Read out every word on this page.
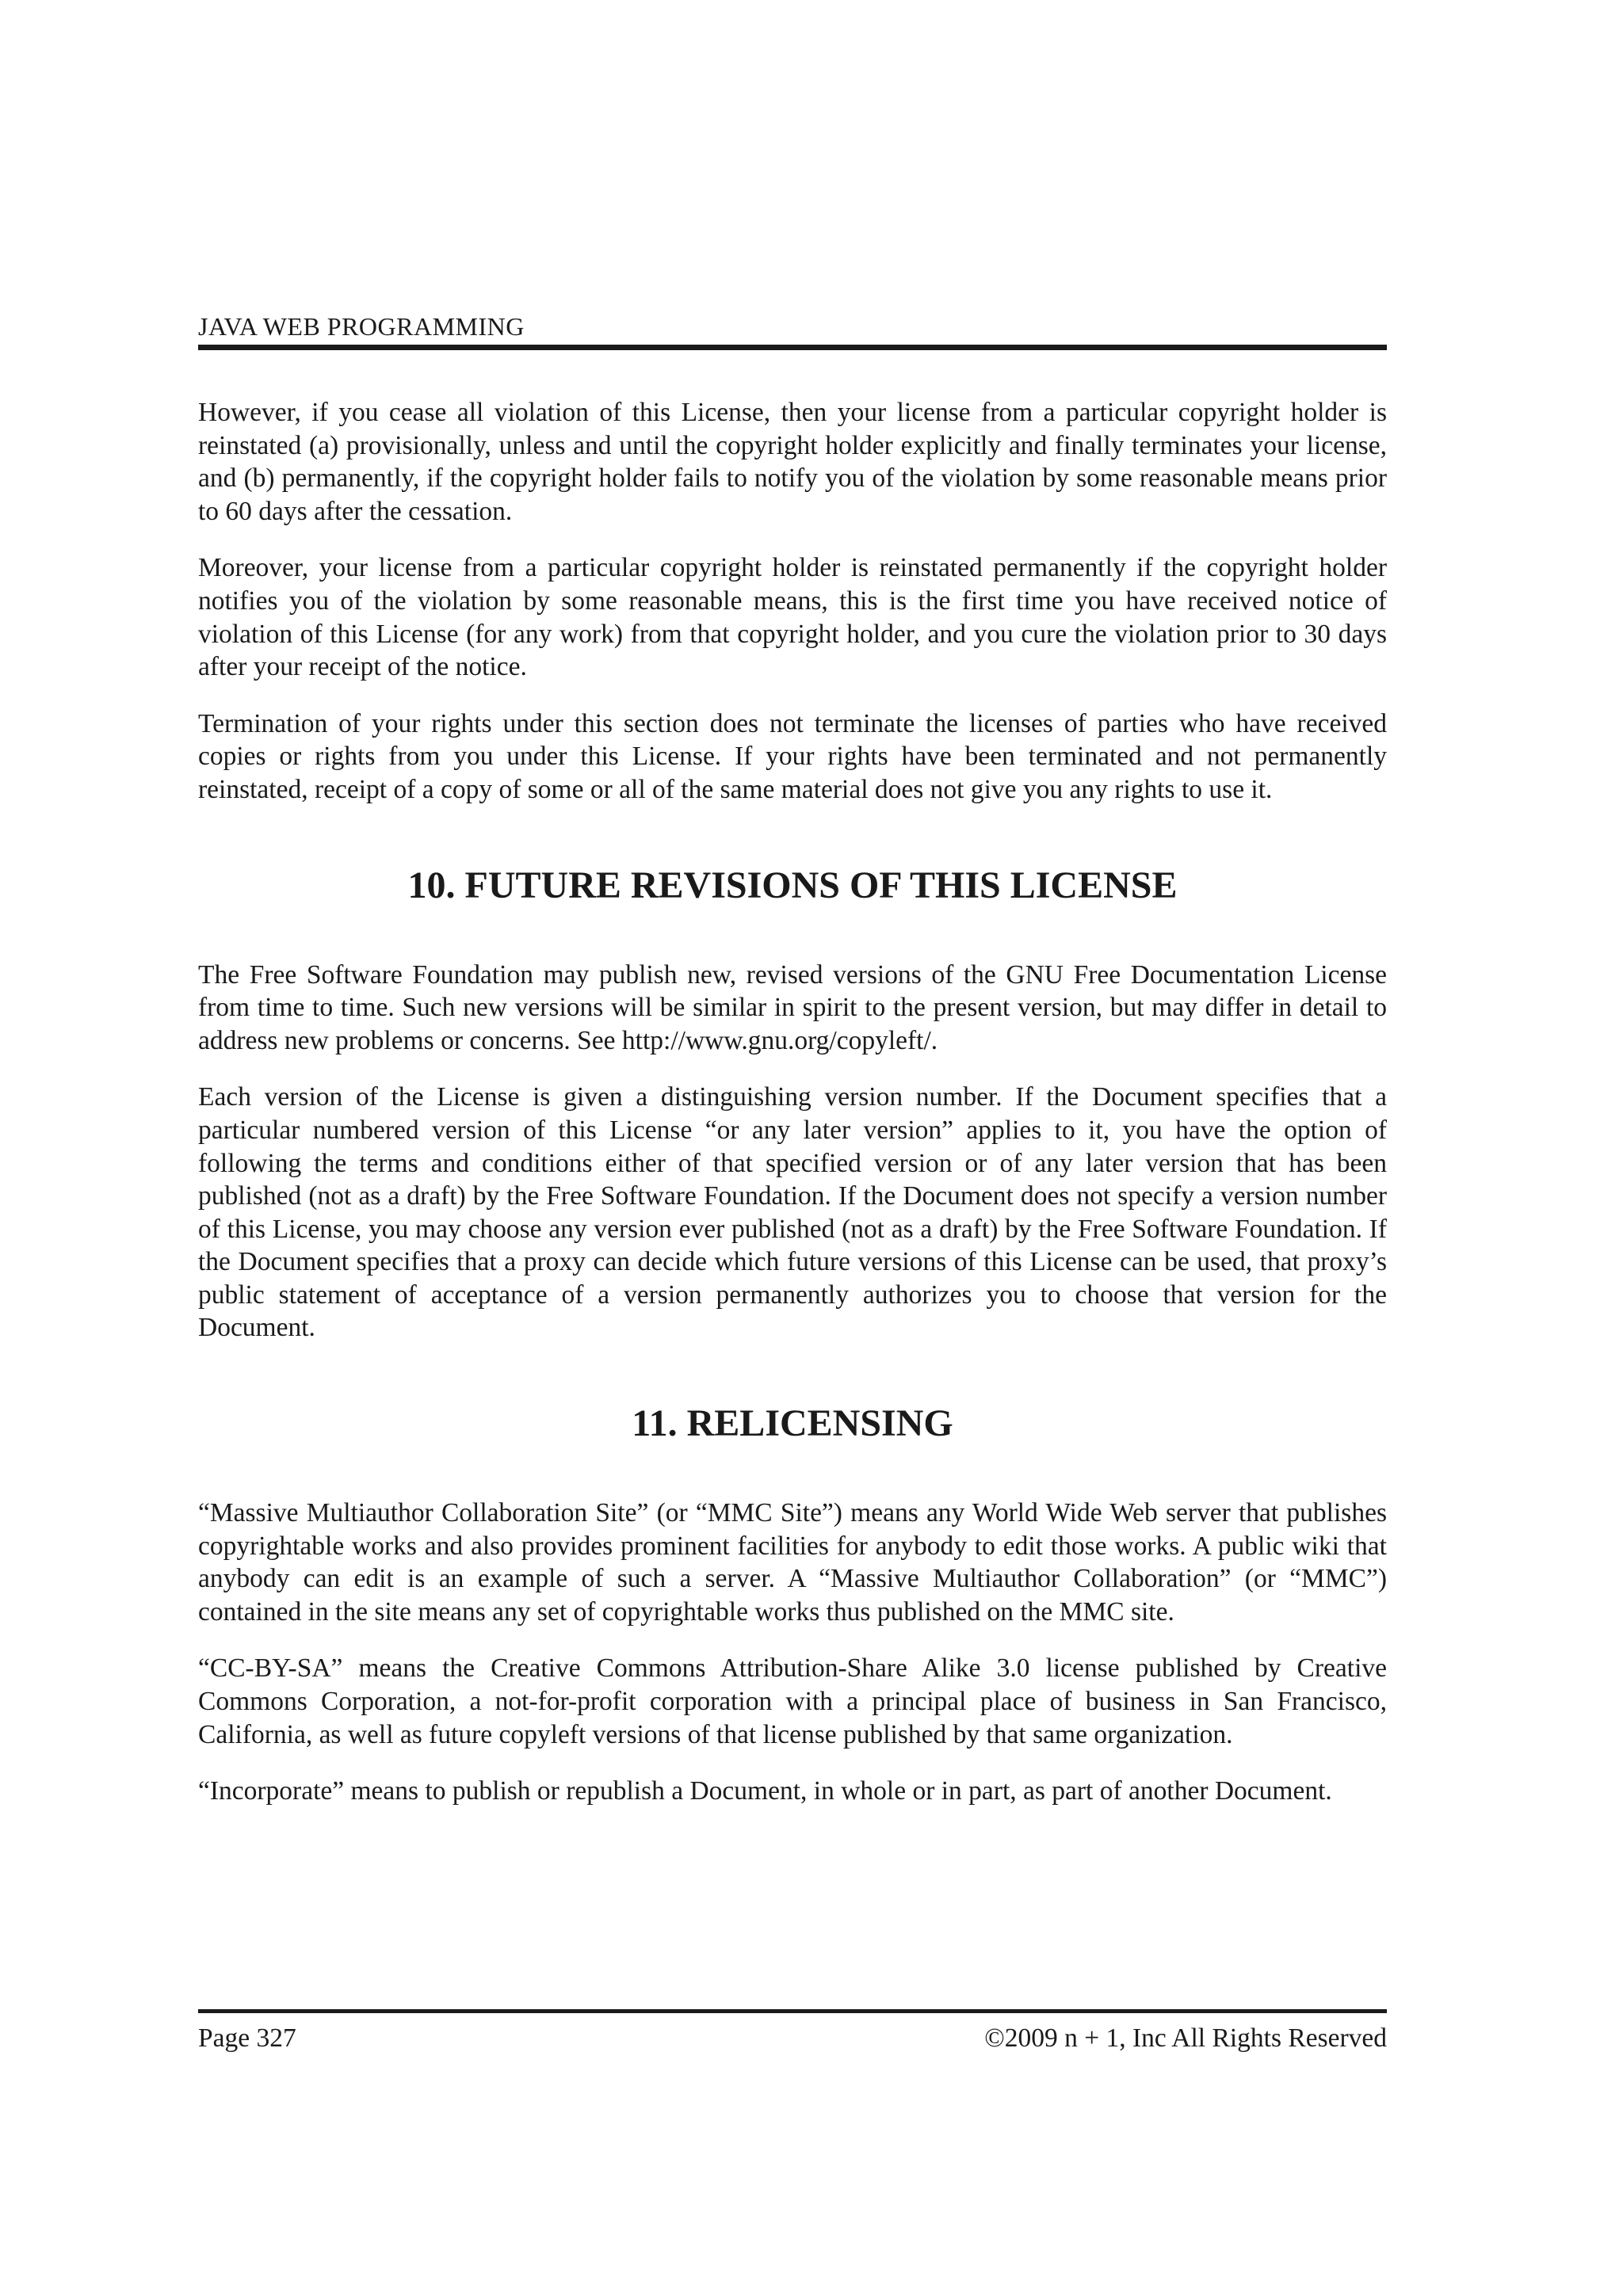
JAVA WEB PROGRAMMING

However, if you cease all violation of this License, then your license from a particular copyright holder is reinstated (a) provisionally, unless and until the copyright holder explicitly and finally terminates your license, and (b) permanently, if the copyright holder fails to notify you of the violation by some reasonable means prior to 60 days after the cessation.

Moreover, your license from a particular copyright holder is reinstated permanently if the copyright holder notifies you of the violation by some reasonable means, this is the first time you have received notice of violation of this License (for any work) from that copyright holder, and you cure the violation prior to 30 days after your receipt of the notice.

Termination of your rights under this section does not terminate the licenses of parties who have received copies or rights from you under this License. If your rights have been terminated and not permanently reinstated, receipt of a copy of some or all of the same material does not give you any rights to use it.

10. FUTURE REVISIONS OF THIS LICENSE

The Free Software Foundation may publish new, revised versions of the GNU Free Documentation License from time to time. Such new versions will be similar in spirit to the present version, but may differ in detail to address new problems or concerns. See http://www.gnu.org/copyleft/.

Each version of the License is given a distinguishing version number. If the Document specifies that a particular numbered version of this License “or any later version” applies to it, you have the option of following the terms and conditions either of that specified version or of any later version that has been published (not as a draft) by the Free Software Foundation. If the Document does not specify a version number of this License, you may choose any version ever published (not as a draft) by the Free Software Foundation. If the Document specifies that a proxy can decide which future versions of this License can be used, that proxy’s public statement of acceptance of a version permanently authorizes you to choose that version for the Document.

11. RELICENSING

“Massive Multiauthor Collaboration Site” (or “MMC Site”) means any World Wide Web server that publishes copyrightable works and also provides prominent facilities for anybody to edit those works. A public wiki that anybody can edit is an example of such a server. A “Massive Multiauthor Collaboration” (or “MMC”) contained in the site means any set of copyrightable works thus published on the MMC site.

“CC-BY-SA” means the Creative Commons Attribution-Share Alike 3.0 license published by Creative Commons Corporation, a not-for-profit corporation with a principal place of business in San Francisco, California, as well as future copyleft versions of that license published by that same organization.

“Incorporate” means to publish or republish a Document, in whole or in part, as part of another Document.

Page 327	©2009 n + 1, Inc All Rights Reserved
